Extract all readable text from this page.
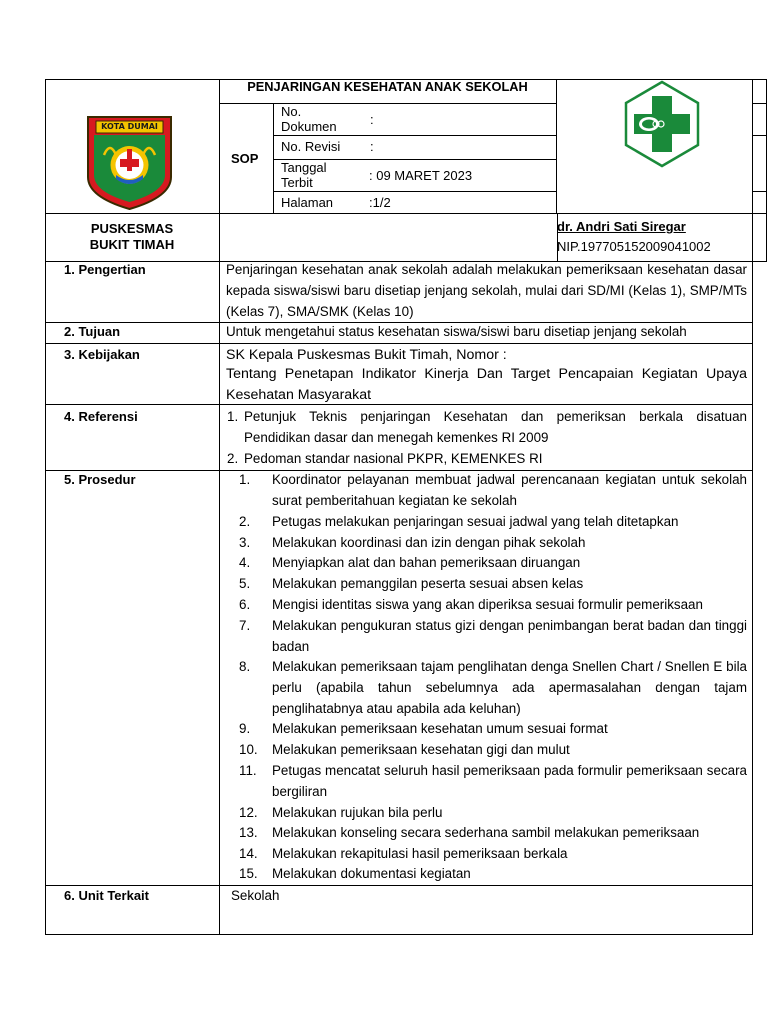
KOTA DUMAI
PENJARINGAN KESEHATAN ANAK SEKOLAH
SOP
No.
Dokumen	:
No. Revisi :
Tanggal
Terbit	: 09 MARET 2023
Halaman	:1/2
PUSKESMAS
BUKIT TIMAH
dr. Andri Sati Siregar
NIP.197705152009041002
1. Pengertian	Penjaringan kesehatan anak sekolah adalah melakukan pemeriksaan kesehatan dasar kepada siswa/siswi baru disetiap jenjang sekolah, mulai dari SD/MI (Kelas 1), SMP/MTs (Kelas 7), SMA/SMK (Kelas 10)
2. Tujuan	Untuk mengetahui status kesehatan siswa/siswi baru disetiap jenjang sekolah
3. Kebijakan	SK Kepala Puskesmas Bukit Timah, Nomor :
Tentang Penetapan Indikator Kinerja Dan Target Pencapaian Kegiatan Upaya Kesehatan Masyarakat
4. Referensi	1. Petunjuk Teknis penjaringan Kesehatan dan pemeriksan berkala disatuan Pendidikan dasar dan menegah kemenkes RI 2009
2. Pedoman standar nasional PKPR, KEMENKES RI
5. Prosedur	1. Koordinator pelayanan membuat jadwal perencanaan kegiatan untuk sekolah surat pemberitahuan kegiatan ke sekolah
2. Petugas melakukan penjaringan sesuai jadwal yang telah ditetapkan
3. Melakukan koordinasi dan izin dengan pihak sekolah
4. Menyiapkan alat dan bahan pemeriksaan diruangan
5. Melakukan pemanggilan peserta sesuai absen kelas
6. Mengisi identitas siswa yang akan diperiksa sesuai formulir pemeriksaan
7. Melakukan pengukuran status gizi dengan penimbangan berat badan dan tinggi badan
8. Melakukan pemeriksaan tajam penglihatan denga Snellen Chart / Snellen E bila perlu (apabila tahun sebelumnya ada apermasalahan dengan tajam penglihatabnya atau apabila ada keluhan)
9. Melakukan pemeriksaan kesehatan umum sesuai format
10. Melakukan pemeriksaan kesehatan gigi dan mulut
11. Petugas mencatat seluruh hasil pemeriksaan pada formulir pemeriksaan secara bergiliran
12. Melakukan rujukan bila perlu
13. Melakukan konseling secara sederhana sambil melakukan pemeriksaan
14. Melakukan rekapitulasi hasil pemeriksaan berkala
15. Melakukan dokumentasi kegiatan
6. Unit Terkait	Sekolah
